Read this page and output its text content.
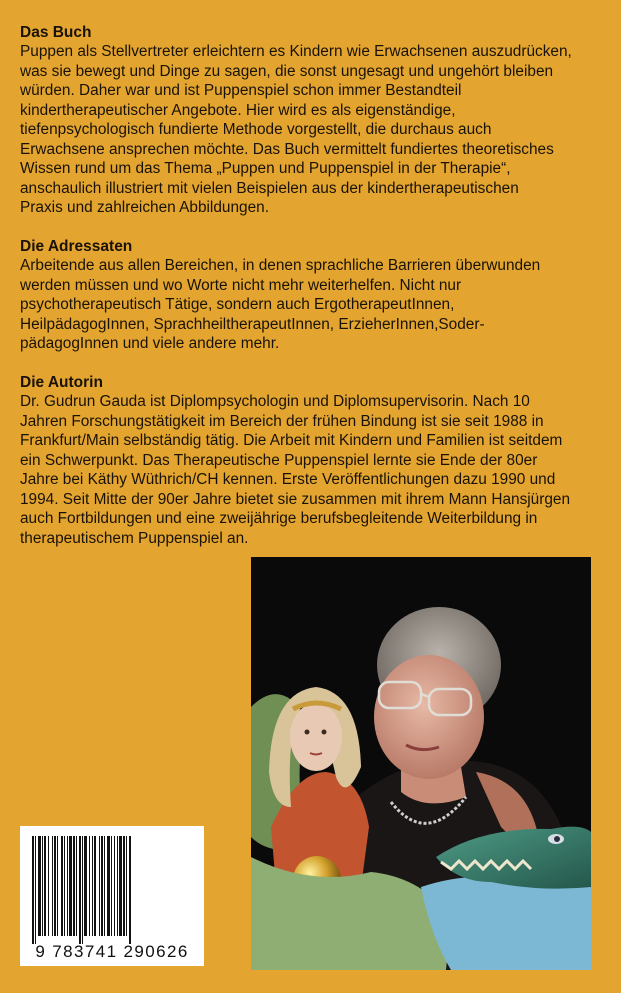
Das Buch

Puppen als Stellvertreter erleichtern es Kindern wie Erwachsenen auszudrücken,
was sie bewegt und Dinge zu sagen, die sonst ungesagt und ungehört bleiben
würden. Daher war und ist Puppenspiel schon immer Bestandteil
kindertherapeutischer Angebote. Hier wird es als eigenständige,
tiefenpsychologisch fundierte Methode vorgestellt, die durchaus auch
Erwachsene ansprechen möchte. Das Buch vermittelt fundiertes theoretisches
Wissen rund um das Thema „Puppen und Puppenspiel in der Therapie“,
anschaulich illustriert mit vielen Beispielen aus der kindertherapeutischen
Praxis und zahlreichen Abbildungen.

Die Adressaten

Arbeitende aus allen Bereichen, in denen sprachliche Barrieren überwunden
werden müssen und wo Worte nicht mehr weiterhelfen. Nicht nur
psychotherapeutisch Tätige, sondern auch ErgotherapeutInnen,
HeilpädagogInnen, SprachheiltherapeutInnen, ErzieherInnen,Soder-
pädagogInnen und viele andere mehr.

Die Autorin

Dr. Gudrun Gauda ist Diplompsychologin und Diplomsupervisorin. Nach 10
Jahren Forschungstätigkeit im Bereich der frühen Bindung ist sie seit 1988 in
Frankfurt/Main selbständig tätig. Die Arbeit mit Kindern und Familien ist seitdem
ein Schwerpunkt. Das Therapeutische Puppenspiel lernte sie Ende der 80er
Jahre bei Käthy Wüthrich/CH kennen. Erste Veröffentlichungen dazu 1990 und
1994. Seit Mitte der 90er Jahre bietet sie zusammen mit ihrem Mann Hansjürgen
auch Fortbildungen und eine zweijährige berufsbegleitende Weiterbildung in
therapeutischem Puppenspiel an.

9 783741 290626
